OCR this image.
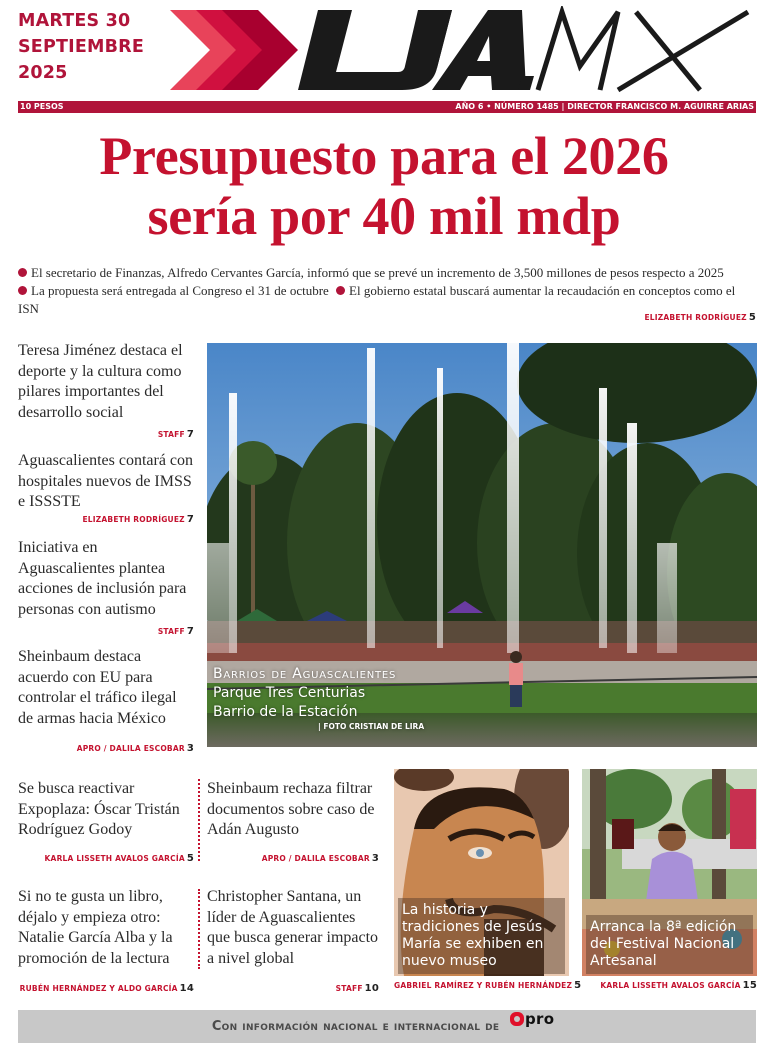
MARTES 30
SEPTIEMBRE
2025
10 PESOS	AÑO 6 • NÚMERO 1485 | DIRECTOR FRANCISCO M. AGUIRRE ARIAS
Presupuesto para el 2026
sería por 40 mil mdp
El secretario de Finanzas, Alfredo Cervantes García, informó que se prevé un incremento de 3,500 millones de pesos respecto a 2025
La propuesta será entregada al Congreso el 31 de octubre El gobierno estatal buscará aumentar la recaudación en conceptos como el ISN
ELIZABETH RODRÍGUEZ 5
Teresa Jiménez destaca el deporte y la cultura como pilares importantes del desarrollo social
STAFF 7
Aguascalientes contará con hospitales nuevos de IMSS e ISSSTE
ELIZABETH RODRÍGUEZ 7
Iniciativa en Aguascalientes plantea acciones de inclusión para personas con autismo
STAFF 7
Sheinbaum destaca acuerdo con EU para controlar el tráfico ilegal de armas hacia México
APRO / DALILA ESCOBAR 3
Barrios de Aguascalientes
Parque Tres Centurias
Barrio de la Estación
| FOTO CRISTIAN DE LIRA
Se busca reactivar Expoplaza: Óscar Tristán Rodríguez Godoy
KARLA LISSETH AVALOS GARCÍA 5
Sheinbaum rechaza filtrar documentos sobre caso de Adán Augusto
APRO / DALILA ESCOBAR 3
Si no te gusta un libro, déjalo y empieza otro: Natalie García Alba y la promoción de la lectura
RUBÉN HERNÁNDEZ Y ALDO GARCÍA 14
Christopher Santana, un líder de Aguascalientes que busca generar impacto a nivel global
STAFF 10
La historia y tradiciones de Jesús María se exhiben en nuevo museo
GABRIEL RAMÍREZ Y RUBÉN HERNÁNDEZ 5
Arranca la 8ª edición del Festival Nacional Artesanal
KARLA LISSETH AVALOS GARCÍA 15
Con información nacional e internacional de pro
